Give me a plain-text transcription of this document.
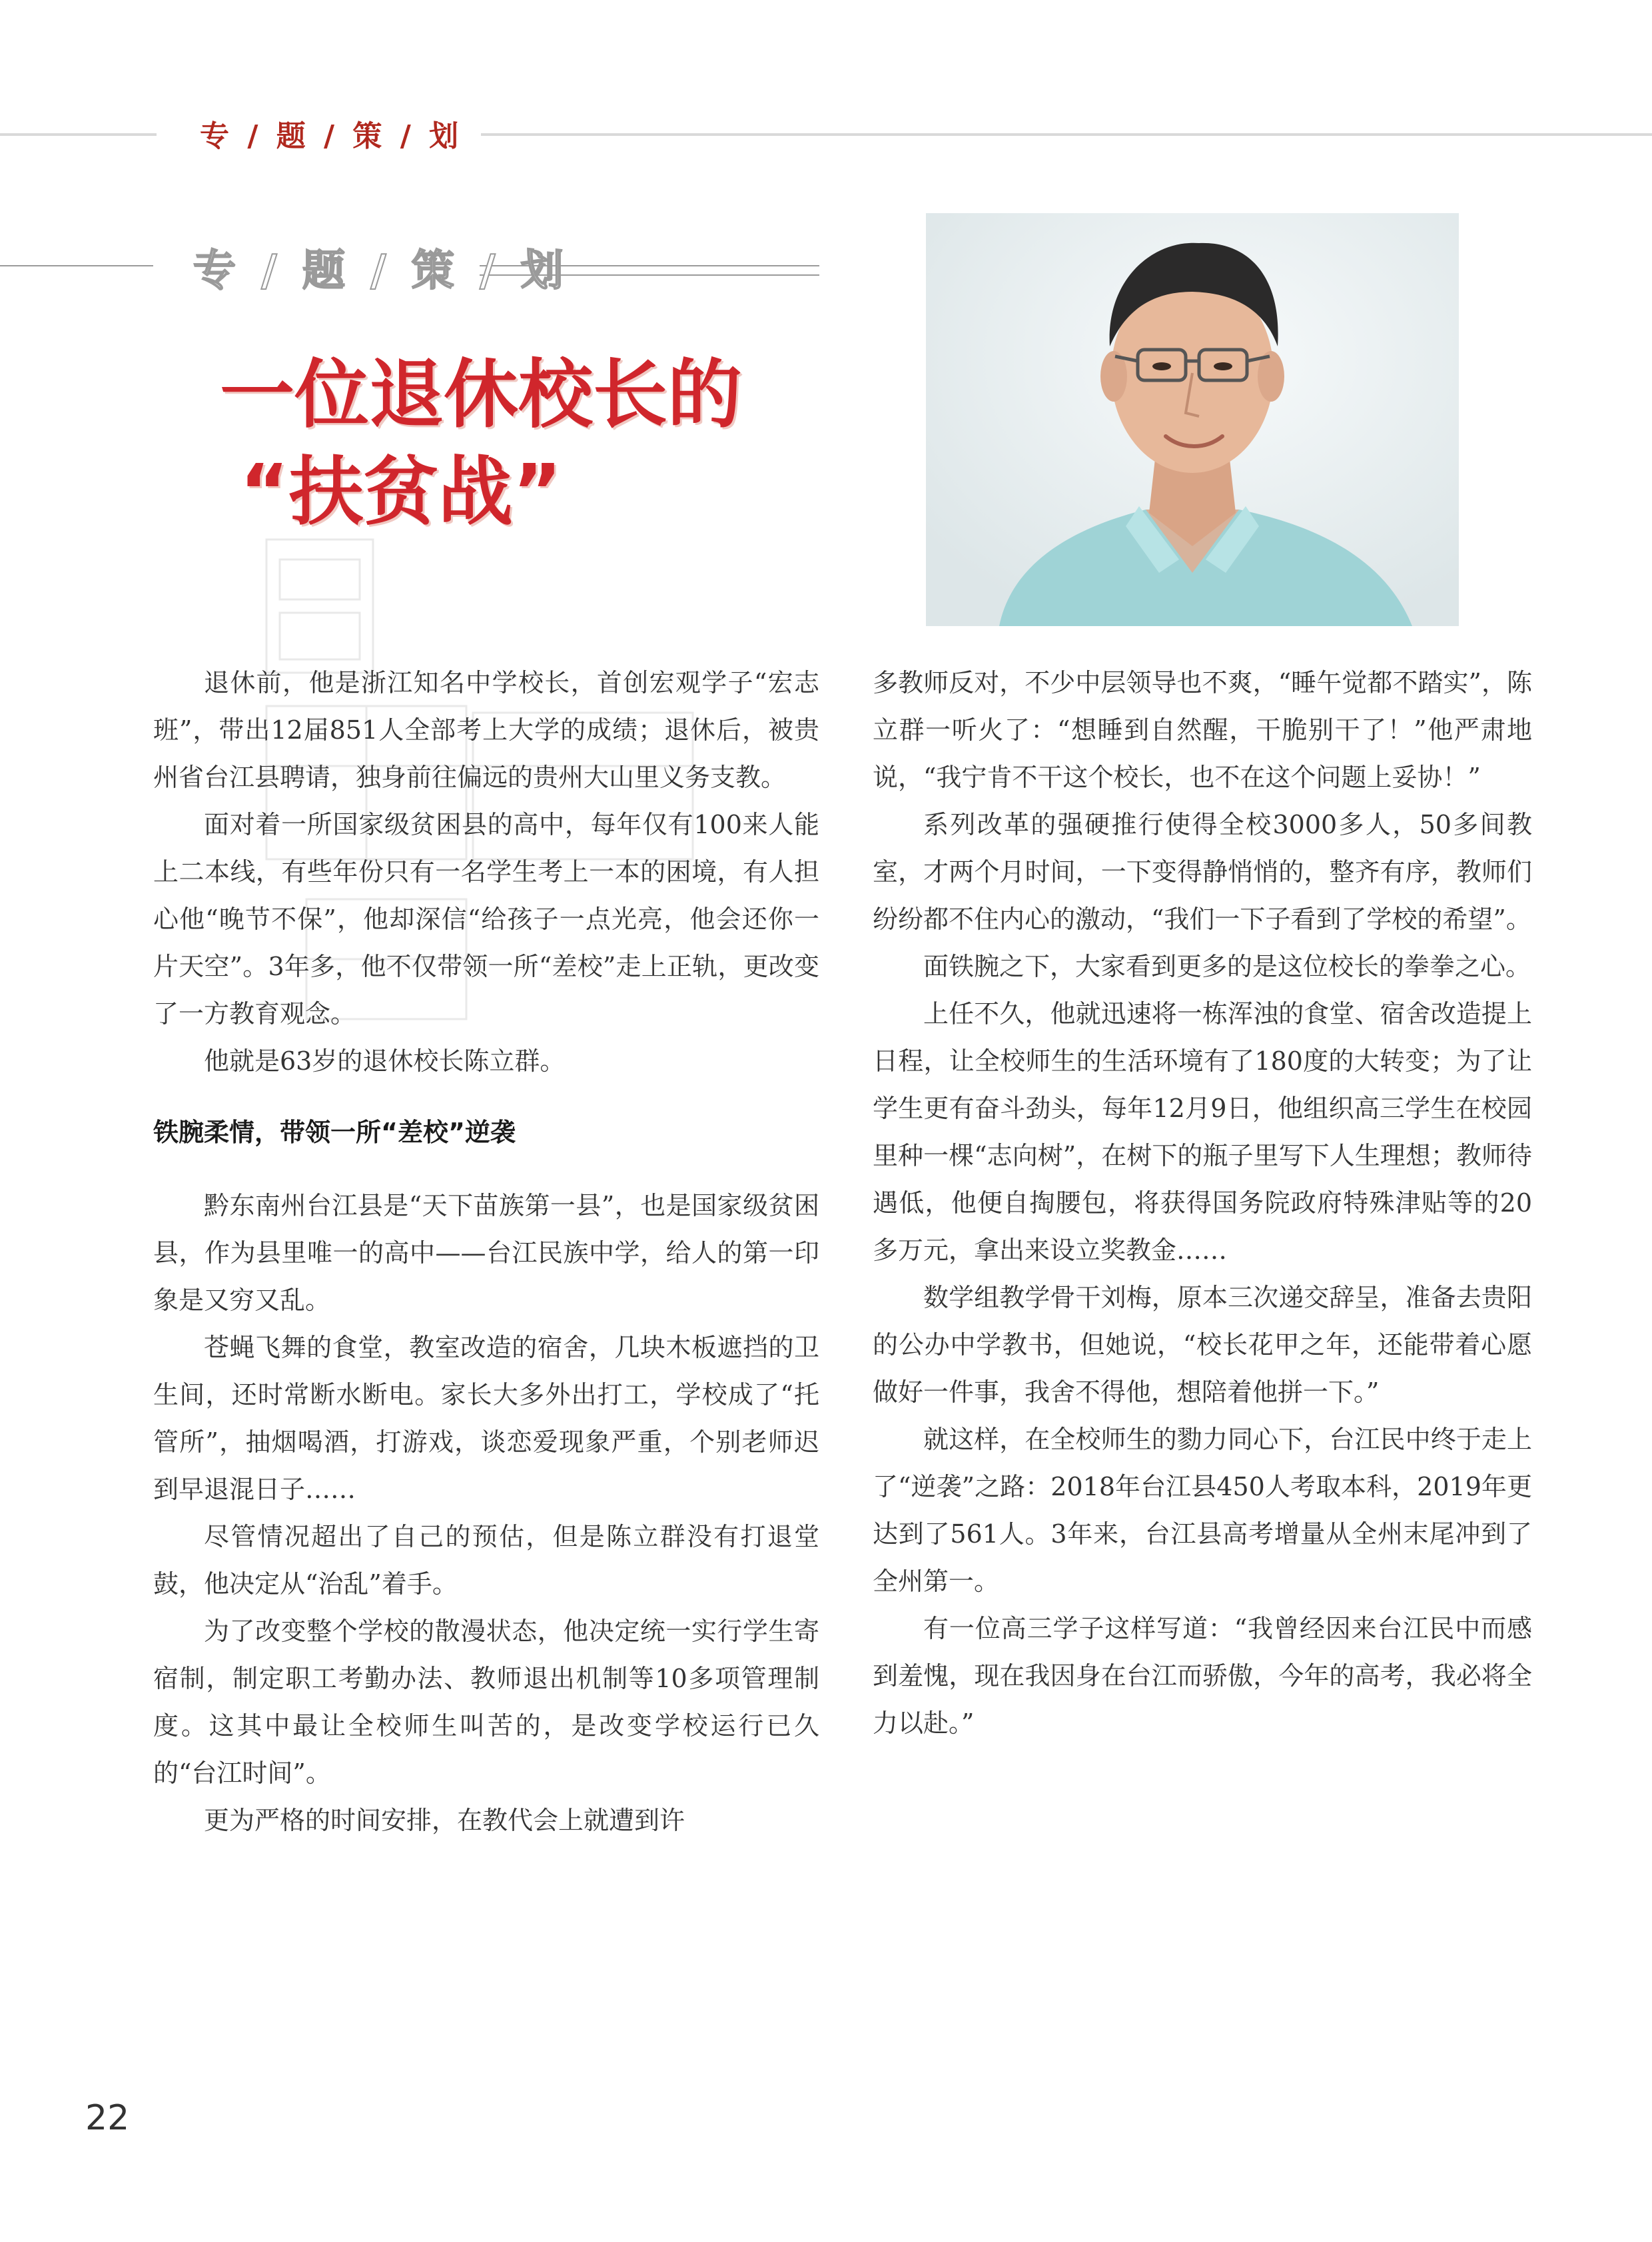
专 / 题 / 策 / 划
专 / 题 / 策 / 划
一位退休校长的
“扶贫战”

退休前，他是浙江知名中学校长，首创宏观学子“宏志班”，带出12届851人全部考上大学的成绩；退休后，被贵州省台江县聘请，独身前往偏远的贵州大山里义务支教。

面对着一所国家级贫困县的高中，每年仅有100来人能上二本线，有些年份只有一名学生考上一本的困境，有人担心他“晚节不保”，他却深信“给孩子一点光亮，他会还你一片天空”。3年多，他不仅带领一所“差校”走上正轨，更改变了一方教育观念。

他就是63岁的退休校长陈立群。

铁腕柔情，带领一所“差校”逆袭

黔东南州台江县是“天下苗族第一县”，也是国家级贫困县，作为县里唯一的高中——台江民族中学，给人的第一印象是又穷又乱。

苍蝇飞舞的食堂，教室改造的宿舍，几块木板遮挡的卫生间，还时常断水断电。家长大多外出打工，学校成了“托管所”，抽烟喝酒，打游戏，谈恋爱现象严重，个别老师迟到早退混日子……

尽管情况超出了自己的预估，但是陈立群没有打退堂鼓，他决定从“治乱”着手。

为了改变整个学校的散漫状态，他决定统一实行学生寄宿制，制定职工考勤办法、教师退出机制等10多项管理制度。这其中最让全校师生叫苦的，是改变学校运行已久的“台江时间”。

更为严格的时间安排，在教代会上就遭到许

多教师反对，不少中层领导也不爽，“睡午觉都不踏实”，陈立群一听火了：“想睡到自然醒，干脆别干了！”他严肃地说，“我宁肯不干这个校长，也不在这个问题上妥协！”

系列改革的强硬推行使得全校3000多人，50多间教室，才两个月时间，一下变得静悄悄的，整齐有序，教师们纷纷都不住内心的激动，“我们一下子看到了学校的希望”。

面铁腕之下，大家看到更多的是这位校长的拳拳之心。

上任不久，他就迅速将一栋浑浊的食堂、宿舍改造提上日程，让全校师生的生活环境有了180度的大转变；为了让学生更有奋斗劲头，每年12月9日，他组织高三学生在校园里种一棵“志向树”，在树下的瓶子里写下人生理想；教师待遇低，他便自掏腰包，将获得国务院政府特殊津贴等的20多万元，拿出来设立奖教金……

数学组教学骨干刘梅，原本三次递交辞呈，准备去贵阳的公办中学教书，但她说，“校长花甲之年，还能带着心愿做好一件事，我舍不得他，想陪着他拼一下。”

就这样，在全校师生的勠力同心下，台江民中终于走上了“逆袭”之路：2018年台江县450人考取本科，2019年更达到了561人。3年来，台江县高考增量从全州末尾冲到了全州第一。

有一位高三学子这样写道：“我曾经因来台江民中而感到羞愧，现在我因身在台江而骄傲，今年的高考，我必将全力以赴。”

22
